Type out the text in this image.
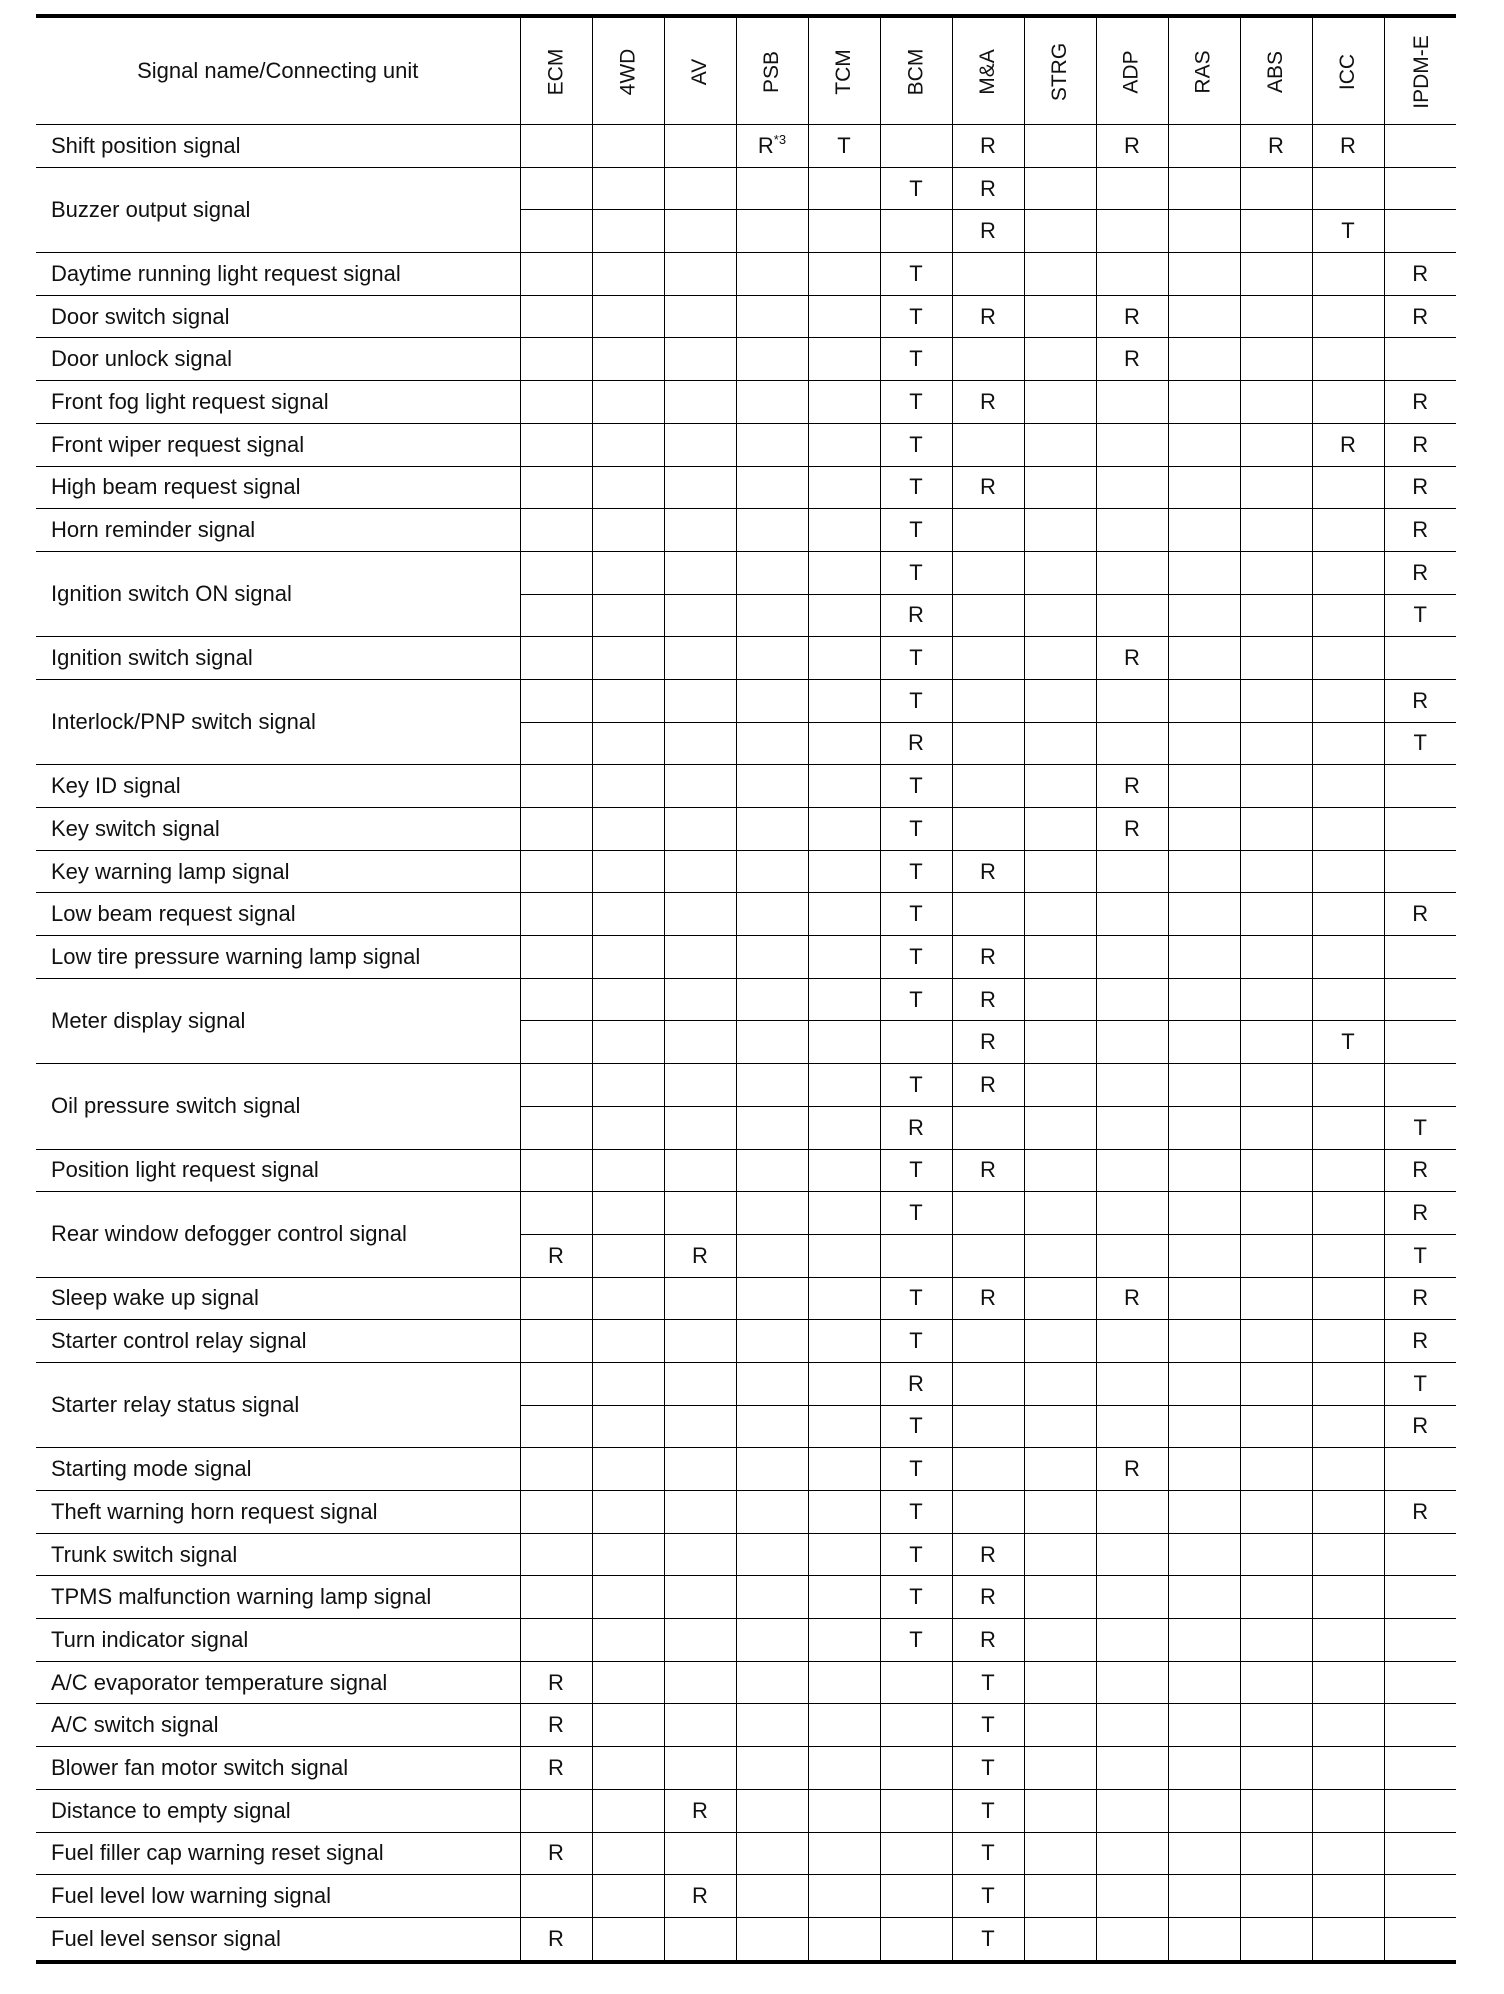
Signal name/Connecting unit	ECM	4WD	AV	PSB	TCM	BCM	M&A	STRG	ADP	RAS	ABS	ICC	IPDM-E
Shift position signal				$R^{*3}$	T		R		R		R	R	
Buzzer output signal						T	R						
							R					T	
Daytime running light request signal						T							R
Door switch signal						T	R		R				R
Door unlock signal						T			R				
Front fog light request signal						T	R						R
Front wiper request signal						T						R	R
High beam request signal						T	R						R
Horn reminder signal						T							R
Ignition switch ON signal						T							R
						R							T
Ignition switch signal						T			R				
Interlock/PNP switch signal						T							R
						R							T
Key ID signal						T			R				
Key switch signal						T			R				
Key warning lamp signal						T	R						
Low beam request signal						T							R
Low tire pressure warning lamp signal						T	R						
Meter display signal						T	R						
							R					T	
Oil pressure switch signal						T	R						
						R							T
Position light request signal						T	R						R
Rear window defogger control signal						T							R
	R		R										T
Sleep wake up signal						T	R		R				R
Starter control relay signal						T							R
Starter relay status signal						R							T
						T							R
Starting mode signal						T			R				
Theft warning horn request signal						T							R
Trunk switch signal						T	R						
TPMS malfunction warning lamp signal						T	R						
Turn indicator signal						T	R						
A/C evaporator temperature signal	R						T						
A/C switch signal	R						T						
Blower fan motor switch signal	R						T						
Distance to empty signal			R				T						
Fuel filler cap warning reset signal	R						T						
Fuel level low warning signal			R				T						
Fuel level sensor signal	R						T						
